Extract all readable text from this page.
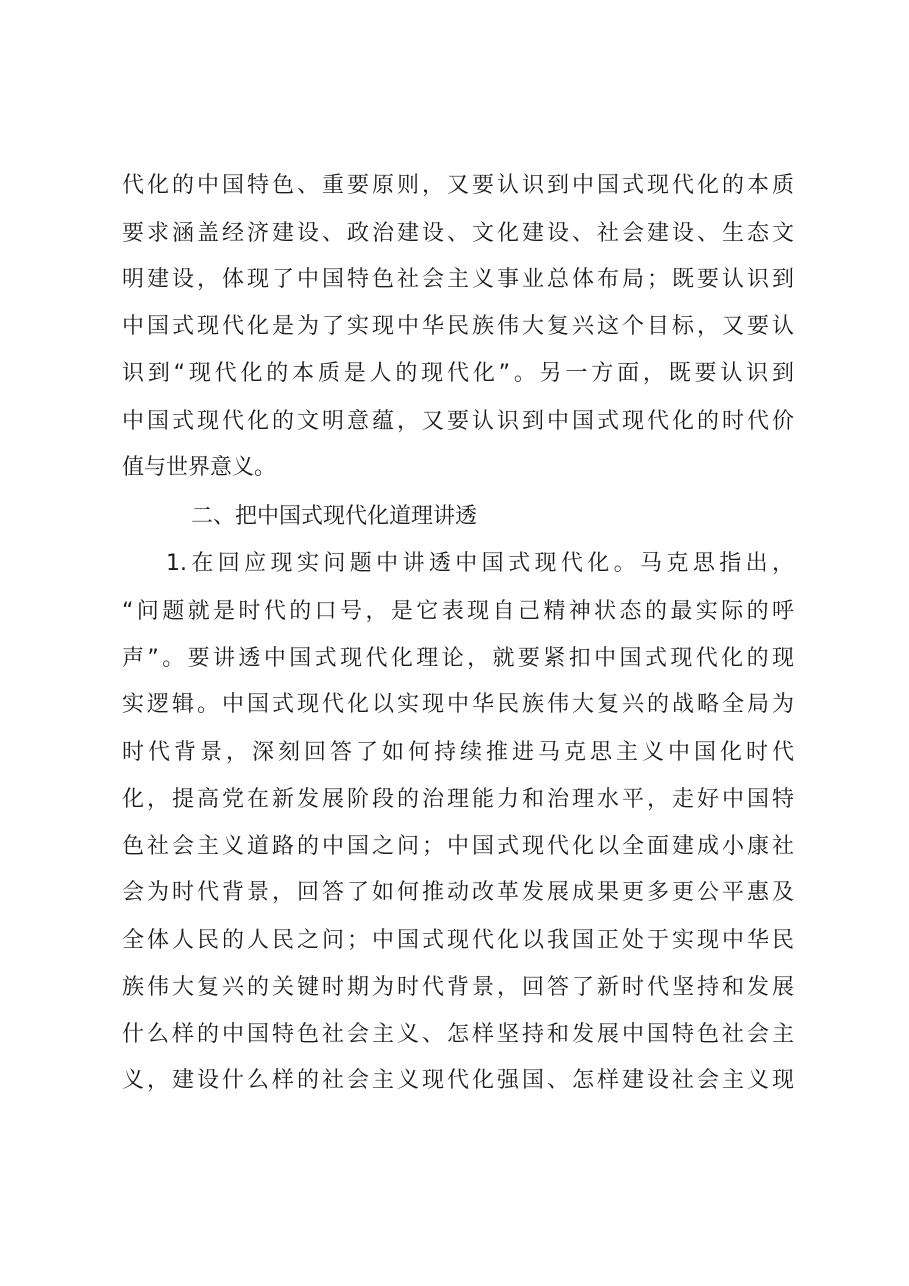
代化的中国特色、重要原则，又要认识到中国式现代化的本质
要求涵盖经济建设、政治建设、文化建设、社会建设、生态文
明建设，体现了中国特色社会主义事业总体布局；既要认识到
中国式现代化是为了实现中华民族伟大复兴这个目标，又要认
识到“现代化的本质是人的现代化”。另一方面，既要认识到
中国式现代化的文明意蕴，又要认识到中国式现代化的时代价
值与世界意义。
二、把中国式现代化道理讲透
1.在回应现实问题中讲透中国式现代化。马克思指出，
“问题就是时代的口号，是它表现自己精神状态的最实际的呼
声”。要讲透中国式现代化理论，就要紧扣中国式现代化的现
实逻辑。中国式现代化以实现中华民族伟大复兴的战略全局为
时代背景，深刻回答了如何持续推进马克思主义中国化时代
化，提高党在新发展阶段的治理能力和治理水平，走好中国特
色社会主义道路的中国之问；中国式现代化以全面建成小康社
会为时代背景，回答了如何推动改革发展成果更多更公平惠及
全体人民的人民之问；中国式现代化以我国正处于实现中华民
族伟大复兴的关键时期为时代背景，回答了新时代坚持和发展
什么样的中国特色社会主义、怎样坚持和发展中国特色社会主
义，建设什么样的社会主义现代化强国、怎样建设社会主义现
